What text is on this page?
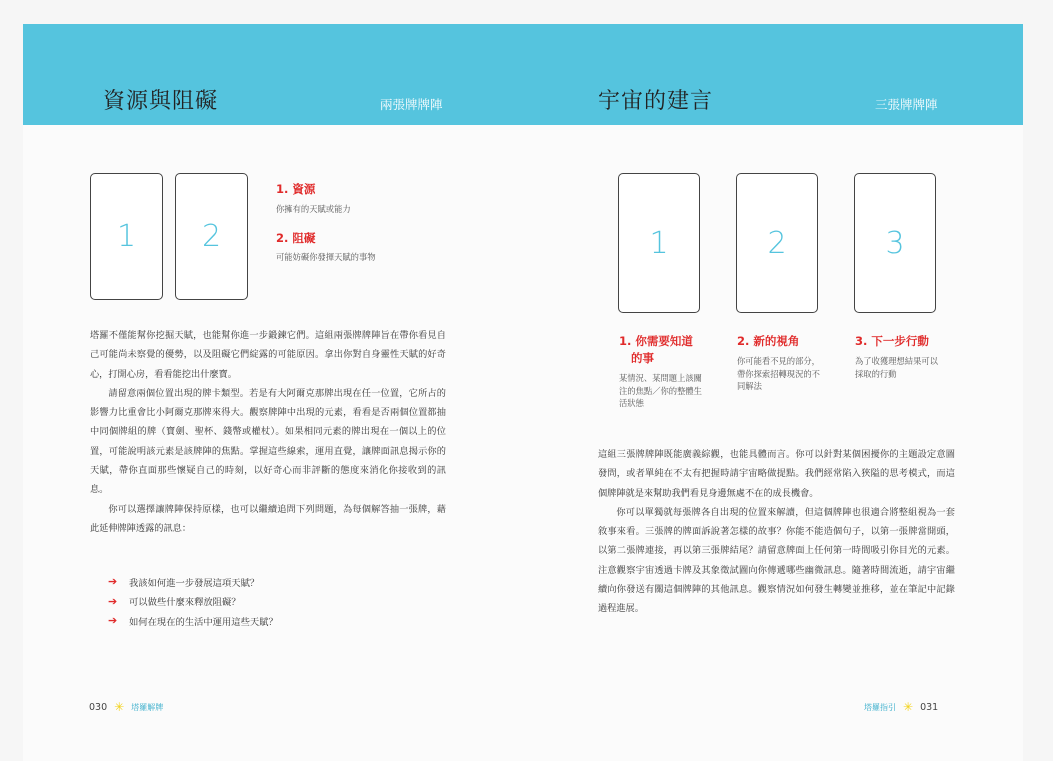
資源與阻礙	兩張牌牌陣
1 2
1. 資源
你擁有的天賦或能力
2. 阻礙
可能妨礙你發揮天賦的事物

塔羅不僅能幫你挖掘天賦，也能幫你進一步鍛鍊它們。這組兩張牌牌陣旨在帶你看見自己可能尚未察覺的優勢，以及阻礙它們綻露的可能原因。拿出你對自身靈性天賦的好奇心，打開心房，看看能挖出什麼寶。

請留意兩個位置出現的牌卡類型。若是有大阿爾克那牌出現在任一位置，它所占的影響力比重會比小阿爾克那牌來得大。觀察牌陣中出現的元素，看看是否兩個位置都抽中同個牌組的牌（寶劍、聖杯、錢幣或權杖）。如果相同元素的牌出現在一個以上的位置，可能說明該元素是該牌陣的焦點。掌握這些線索，運用直覺，讓牌面訊息揭示你的天賦，帶你直面那些懷疑自己的時刻，以好奇心而非評斷的態度來消化你接收到的訊息。

你可以選擇讓牌陣保持原樣，也可以繼續追問下列問題，為每個解答抽一張牌，藉此延伸牌陣透露的訊息：

➔ 我該如何進一步發展這項天賦？
➔ 可以做些什麼來釋放阻礙？
➔ 如何在現在的生活中運用這些天賦？
030 ✳ 塔羅解牌
宇宙的建言	三張牌牌陣
1	2	3
1. 你需要知道
的事
某情況、某問題上該關注的焦點／你的整體生活狀態
2. 新的視角
你可能看不見的部分，帶你探索招轉現況的不同解法
3. 下一步行動
為了收獲理想結果可以採取的行動

這組三張牌牌陣既能廣義綜觀，也能具體而言。你可以針對某個困擾你的主題設定意圖發問，或者單純在不太有把握時請宇宙略做提點。我們經常陷入狹隘的思考模式，而這個牌陣就是來幫助我們看見身邊無處不在的成長機會。

你可以單獨就每張牌各自出現的位置來解讀，但這個牌陣也很適合將整組視為一套敘事來看。三張牌的牌面訴說著怎樣的故事？你能不能造個句子，以第一張牌當開頭，以第二張牌連接，再以第三張牌結尾？請留意牌面上任何第一時間吸引你目光的元素。注意觀察宇宙透過卡牌及其象徵試圖向你傳遞哪些幽微訊息。隨著時間流逝，請宇宙繼續向你發送有關這個牌陣的其他訊息。觀察情況如何發生轉變並推移，並在筆記中記錄過程進展。

塔羅指引 ✳ 031
